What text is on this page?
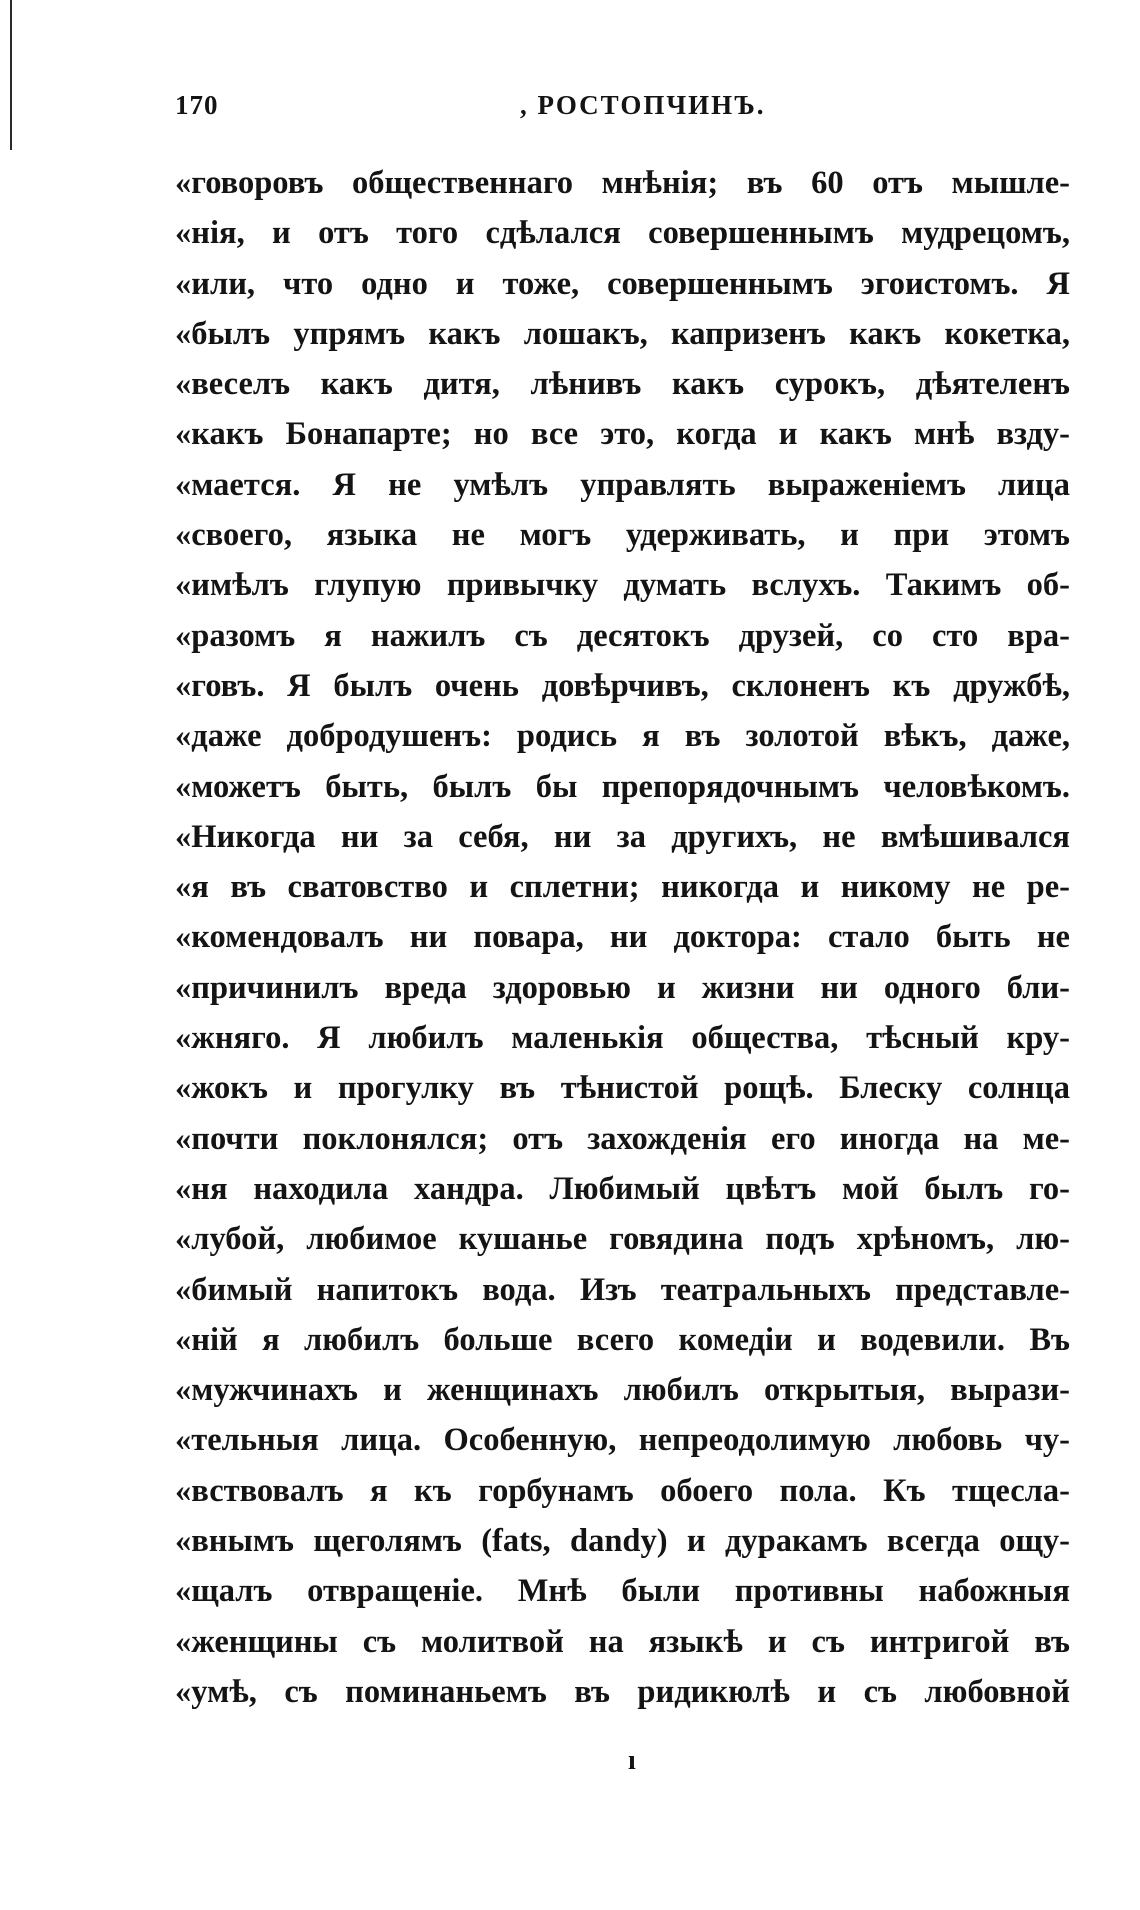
170	, РОСТОПЧИНЪ.
«говоровъ общественнаго мнѣнія; въ 60 отъ мышле-
«нія, и отъ того сдѣлался совершеннымъ мудрецомъ,
«или, что одно и тоже, совершеннымъ эгоистомъ. Я
«былъ упрямъ какъ лошакъ, капризенъ какъ кокетка,
«веселъ какъ дитя, лѣнивъ какъ сурокъ, дѣятеленъ
«какъ Бонапарте; но все это, когда и какъ мнѣ взду-
«мается. Я не умѣлъ управлять выраженіемъ лица
«своего, языка не могъ удерживать, и при этомъ
«имѣлъ глупую привычку думать вслухъ. Такимъ об-
«разомъ я нажилъ съ десятокъ друзей, со сто вра-
«говъ. Я былъ очень довѣрчивъ, склоненъ къ дружбѣ,
«даже добродушенъ: родись я въ золотой вѣкъ, даже,
«можетъ быть, былъ бы препорядочнымъ человѣкомъ.
«Никогда ни за себя, ни за другихъ, не вмѣшивался
«я въ сватовство и сплетни; никогда и никому не ре-
«комендовалъ ни повара, ни доктора: стало быть не
«причинилъ вреда здоровью и жизни ни одного бли-
«жняго. Я любилъ маленькія общества, тѣсный кру-
«жокъ и прогулку въ тѣнистой рощѣ. Блеску солнца
«почти поклонялся; отъ захожденія его иногда на ме-
«ня находила хандра. Любимый цвѣтъ мой былъ го-
«лубой, любимое кушанье говядина подъ хрѣномъ, лю-
«бимый напитокъ вода. Изъ театральныхъ представле-
«ній я любилъ больше всего комедіи и водевили. Въ
«мужчинахъ и женщинахъ любилъ открытыя, вырази-
«тельныя лица. Особенную, непреодолимую любовь чу-
«вствовалъ я къ горбунамъ обоего пола. Къ тщесла-
«внымъ щеголямъ (fats, dandy) и дуракамъ всегда ощу-
«щалъ отвращеніе. Мнѣ были противны набожныя
«женщины съ молитвой на языкѣ и съ интригой въ
«умѣ, съ поминаньемъ въ ридикюлѣ и съ любовной
ı
